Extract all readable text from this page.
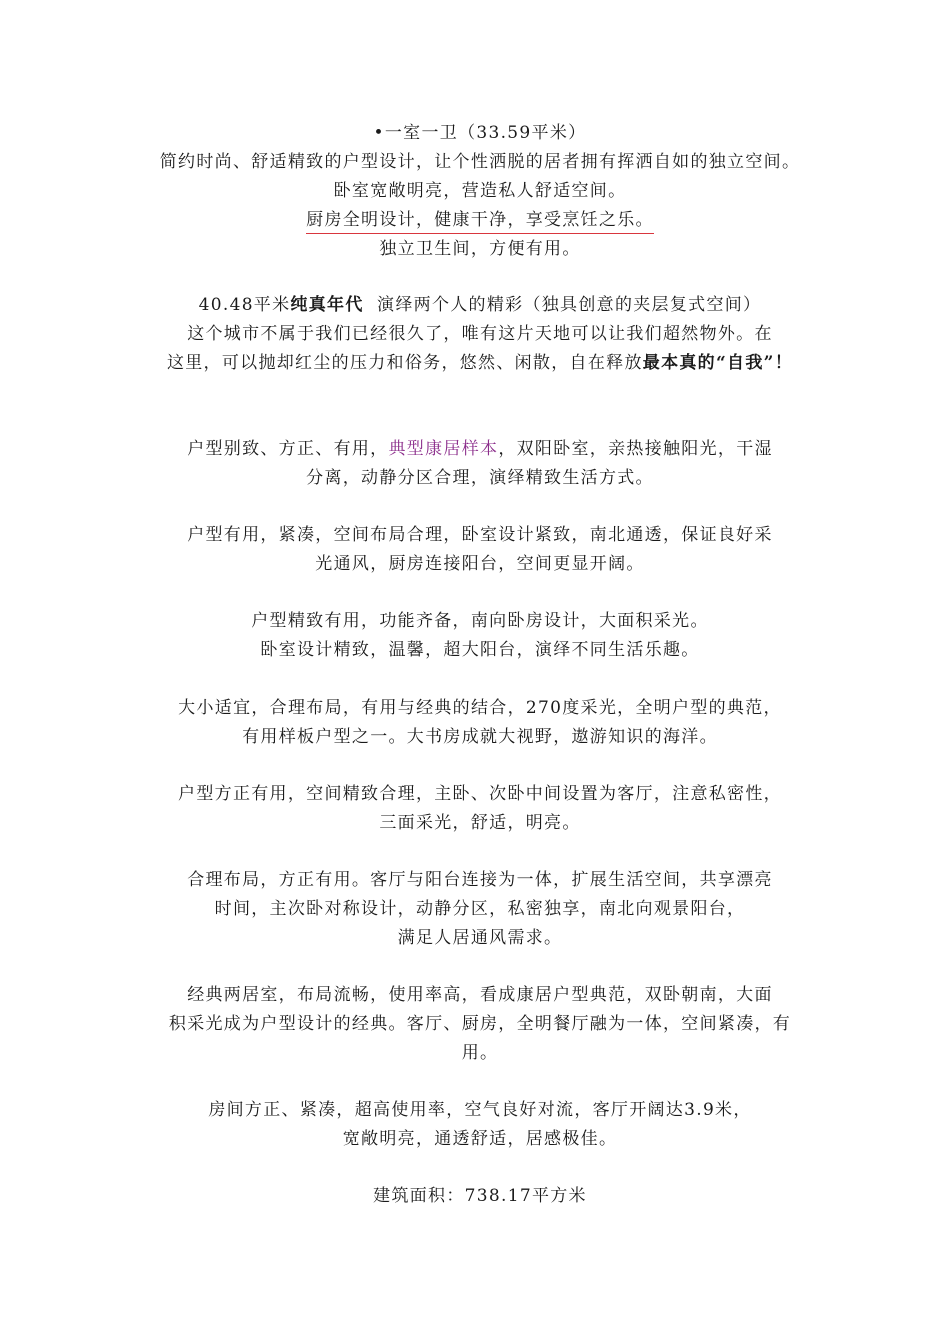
•一室一卫（33.59平米）
简约时尚、舒适精致的户型设计，让个性洒脱的居者拥有挥洒自如的独立空间。
卧室宽敞明亮，营造私人舒适空间。
厨房全明设计，健康干净，享受烹饪之乐。
独立卫生间，方便有用。
40.48平米纯真年代 演绎两个人的精彩（独具创意的夹层复式空间）
这个城市不属于我们已经很久了，唯有这片天地可以让我们超然物外。在
这里，可以抛却红尘的压力和俗务，悠然、闲散，自在释放最本真的“自我”！
户型别致、方正、有用，典型康居样本，双阳卧室，亲热接触阳光，干湿
分离，动静分区合理，演绎精致生活方式。
户型有用，紧凑，空间布局合理，卧室设计紧致，南北通透，保证良好采
光通风，厨房连接阳台，空间更显开阔。
户型精致有用，功能齐备，南向卧房设计，大面积采光。
卧室设计精致，温馨，超大阳台，演绎不同生活乐趣。
大小适宜，合理布局，有用与经典的结合，270度采光，全明户型的典范，
有用样板户型之一。大书房成就大视野，遨游知识的海洋。
户型方正有用，空间精致合理，主卧、次卧中间设置为客厅，注意私密性，
三面采光，舒适，明亮。
合理布局，方正有用。客厅与阳台连接为一体，扩展生活空间，共享漂亮
时间，主次卧对称设计，动静分区，私密独享，南北向观景阳台，
满足人居通风需求。
经典两居室，布局流畅，使用率高，看成康居户型典范，双卧朝南，大面
积采光成为户型设计的经典。客厅、厨房，全明餐厅融为一体，空间紧凑，有
用。
房间方正、紧凑，超高使用率，空气良好对流，客厅开阔达3.9米，
宽敞明亮，通透舒适，居感极佳。
建筑面积：738.17平方米
